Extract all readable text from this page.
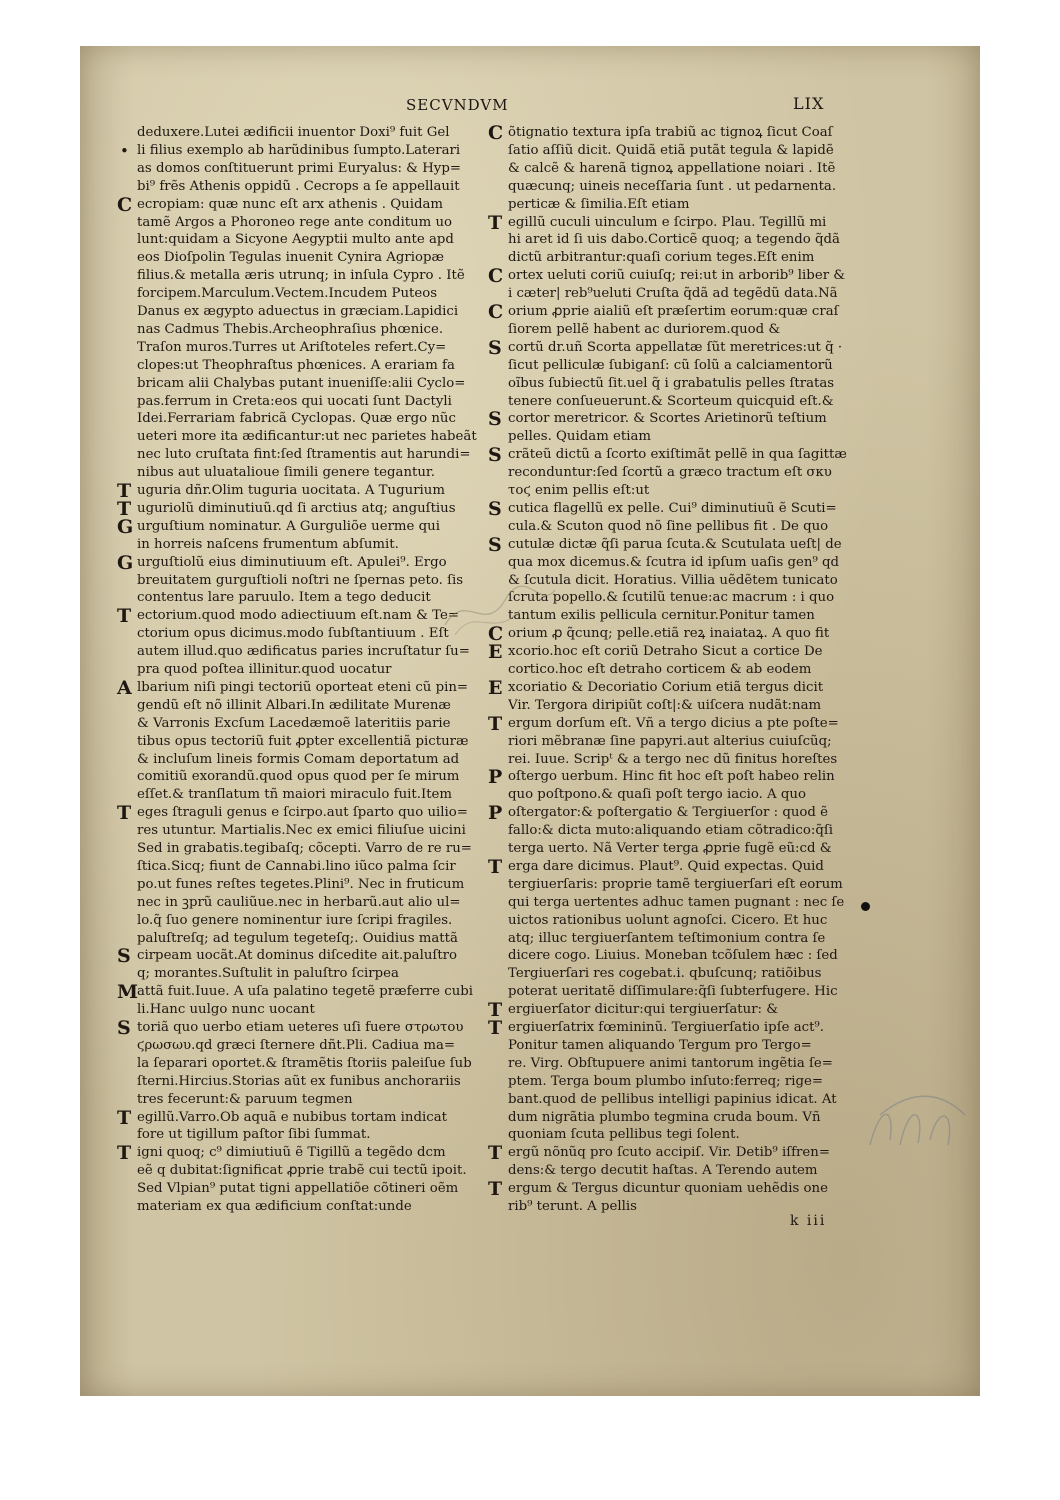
SECVNDVM	LIX
deduxere.Lutei ædificii inuentor Doxi⁹ fuit Gel
li filius exemplo ab harũdinibus ſumpto.Laterari
as domos conſtituerunt primi Euryalus: & Hyp=
bi⁹ frẽs Athenis oppidũ . Cecrops a ſe appellauit
ecropiam: quæ nunc eſt arx athenis . Quidam
tamẽ Argos a Phoroneo rege ante conditum uo
lunt:quidam a Sicyone Aegyptii multo ante apd
eos Dioſpolin Tegulas inuenit Cynira Agriopæ
filius.& metalla æris utrunq; in inſula Cypro . Itẽ
forcipem.Marculum.Vectem.Incudem Puteos
Danus ex ægypto aduectus in græciam.Lapidici
nas Cadmus Thebis.Archeophraſius phœnice.
Traſon muros.Turres ut Ariſtoteles refert.Cy=
clopes:ut Theophraſtus phœnices. A erariam fa
bricam alii Chalybas putant inueniſſe:alii Cyclo=
pas.ferrum in Creta:eos qui uocati ſunt Dactyli
Idei.Ferrariam fabricã Cyclopas. Quæ ergo nũc
ueteri more ita ædificantur:ut nec parietes habeãt
nec luto cruſtata fint:ſed ſtramentis aut harundi=
nibus aut uluatalioue ſimili genere tegantur.
uguria dñr.Olim tuguria uocitata. A Tugurium
uguriolũ diminutiuũ.qd ſi arctius atq; anguſtius
urguſtium nominatur. A Gurguliõe uerme qui
in horreis naſcens frumentum abſumit.
urguſtiolũ eius diminutiuum eſt. Apulei⁹. Ergo
breuitatem gurguſtioli noſtri ne ſpernas peto. ſis
contentus lare paruulo. Item a tego deducit
ectorium.quod modo adiectiuum eſt.nam & Te=
ctorium opus dicimus.modo ſubſtantiuum . Eſt
autem illud.quo ædificatus paries incruſtatur ſu=
pra quod poſtea illinitur.quod uocatur
lbarium niſi pingi tectoriũ oporteat eteni cũ pin=
gendũ eſt nõ illinit Albari.In ædilitate Murenæ
& Varronis Excſum Lacedæmoẽ lateritiis parie
tibus opus tectoriũ fuit ꝓpter excellentiã picturæ
& incluſum lineis formis Comam deportatum ad
comitiũ exorandũ.quod opus quod per ſe mirum
eſſet.& tranſlatum tñ maiori miraculo fuit.Item
eges ſtraguli genus e ſcirpo.aut ſparto quo uilio=
res utuntur. Martialis.Nec ex emici filiuſue uicini
Sed in grabatis.tegibaſq; cõcepti. Varro de re ru=
ſtica.Sicq; fiunt de Cannabi.lino iũco palma ſcir
po.ut funes reſtes tegetes.Plini⁹. Nec in fruticum
nec in ꝫprũ cauliũue.nec in herbarũ.aut alio ul=
lo.q̃ ſuo genere nominentur iure ſcripi fragiles.
paluſtreſq; ad tegulum tegeteſq;. Ouidius mattã
cirpeam uocãt.At dominus diſcedite ait.paluſtro
q; morantes.Suſtulit in paluſtro ſcirpea
attã fuit.Iuue. A uſa palatino tegetẽ præferre cubi
li.Hanc uulgo nunc uocant
toriã quo uerbo etiam ueteres uſi fuere στρωτου
ϛρωσωυ.qd græci ſternere dñt.Pli. Cadiua ma=
la ſeparari oportet.& ſtramẽtis ſtoriis paleiſue ſub
ſterni.Hircius.Storias aũt ex funibus anchorariis
tres fecerunt:& paruum tegmen
egillũ.Varro.Ob aquã e nubibus tortam indicat
fore ut tigillum paſtor ſibi ſummat.
igni quoq; c⁹ dimiutiuũ ẽ Tigillũ a tegẽdo dcm
eẽ q dubitat:ſignificat ꝓprie trabẽ cui tectũ ipoit.
Sed Vlpian⁹ putat tigni appellatiõe cõtineri oẽm
materiam ex qua ædificium conſtat:unde
C
T
T
G
G
T
A
T
S
M
S
T
T
•
õtignatio textura ipſa trabiũ ac tignoꝝ ſicut Coaſ
ſatio aſſiũ dicit. Quidã etiã putãt tegula & lapidẽ
& calcẽ & harenã tignoꝝ appellatione noiari . Itẽ
quæcunq; uineis neceſſaria ſunt . ut pedarnenta.
perticæ & ſimilia.Eſt etiam
egillũ cuculi uinculum e ſcirpo. Plau. Tegillũ mi
hi aret id ſi uis dabo.Corticẽ quoq; a tegendo q̃dã
dictũ arbitrantur:quaſi corium teges.Eſt enim
ortex ueluti coriũ cuiuſq; rei:ut in arborib⁹ liber &
i cæter| reb⁹ueluti Cruſta q̃dã ad tegẽdũ data.Nã
orium ꝓprie aialiũ eſt præſertim eorum:quæ craſ
ſiorem pellẽ habent ac duriorem.quod &
cortũ dr.uñ Scorta appellatæ ſũt meretrices:ut q̃ ·
ſicut pelliculæ ſubiganſ: cũ ſolũ a calciamentorũ
oĩbus ſubiectũ ſit.uel q̃ i grabatulis pelles ſtratas
tenere conſueuerunt.& Scorteum quicquid eſt.&
cortor meretricor. & Scortes Arietinorũ teſtium
pelles. Quidam etiam
crãteũ dictũ a ſcorto exiſtimãt pellẽ in qua ſagittæ
reconduntur:ſed ſcortũ a græco tractum eſt σκυ
τοϛ enim pellis eſt:ut
cutica flagellũ ex pelle. Cui⁹ diminutiuũ ẽ Scuti=
cula.& Scuton quod nõ ſine pellibus fit . De quo
cutulæ dictæ q̃ſi parua ſcuta.& Scutulata ueſt| de
qua mox dicemus.& ſcutra id ipſum uaſis gen⁹ qd
& ſcutula dicit. Horatius. Villia uẽdẽtem tunicato
ſcruta popello.& ſcutilũ tenue:ac macrum : i quo
tantum exilis pellicula cernitur.Ponitur tamen
orium ꝓ q̃cunq; pelle.etiã reꝝ inaiataꝝ. A quo fit
xcorio.hoc eſt coriũ Detraho Sicut a cortice De
cortico.hoc eſt detraho corticem & ab eodem
xcoriatio & Decoriatio Corium etiã tergus dicit
Vir. Tergora diripiũt coſt|:& uiſcera nudãt:nam
ergum dorſum eſt. Vñ a tergo dicius a pte poſte=
riori mẽbranæ ſine papyri.aut alterius cuiuſcũq;
rei. Iuue. Scripᵗ & a tergo nec dũ finitus horeſtes
oſtergo uerbum. Hinc fit hoc eſt poſt habeo relin
quo poſtpono.& quaſi poſt tergo iacio. A quo
oſtergator:& poſtergatio & Tergiuerſor : quod ẽ
fallo:& dicta muto:aliquando etiam cõtradico:q̃ſi
terga uerto. Nã Verter terga ꝓprie fugẽ eũ:cd &
erga dare dicimus. Plaut⁹. Quid expectas. Quid
tergiuerſaris: proprie tamẽ tergiuerſari eſt eorum
qui terga uertentes adhuc tamen pugnant : nec ſe
uictos rationibus uolunt agnoſci. Cicero. Et huc
atq; illuc tergiuerſantem teſtimonium contra ſe
dicere cogo. Liuius. Moneban tcõſulem hæc : ſed
Tergiuerſari res cogebat.i. qbuſcunq; ratiõibus
poterat ueritatẽ diſſimulare:q̃ſi ſubterfugere. Hic
ergiuerſator dicitur:qui tergiuerſatur: &
ergiuerſatrix fœmininũ. Tergiuerſatio ipſe act⁹.
Ponitur tamen aliquando Tergum pro Tergo=
re. Virg. Obſtupuere animi tantorum ingẽtia ſe=
ptem. Terga boum plumbo inſuto:ferreq; rige=
bant.quod de pellibus intelligi papinius idicat. At
dum nigrãtia plumbo tegmina cruda boum. Vñ
quoniam ſcuta pellibus tegi ſolent.
ergũ nõnũq pro ſcuto accipiſ. Vir. Detib⁹ iſfren=
dens:& tergo decutit haſtas. A Terendo autem
ergum & Tergus dicuntur quoniam uehẽdis one
rib⁹ terunt. A pellis
C
T
C
C
S
S
S
S
S
C
E
E
T
P
P
T
T
T
T
T
k iii
